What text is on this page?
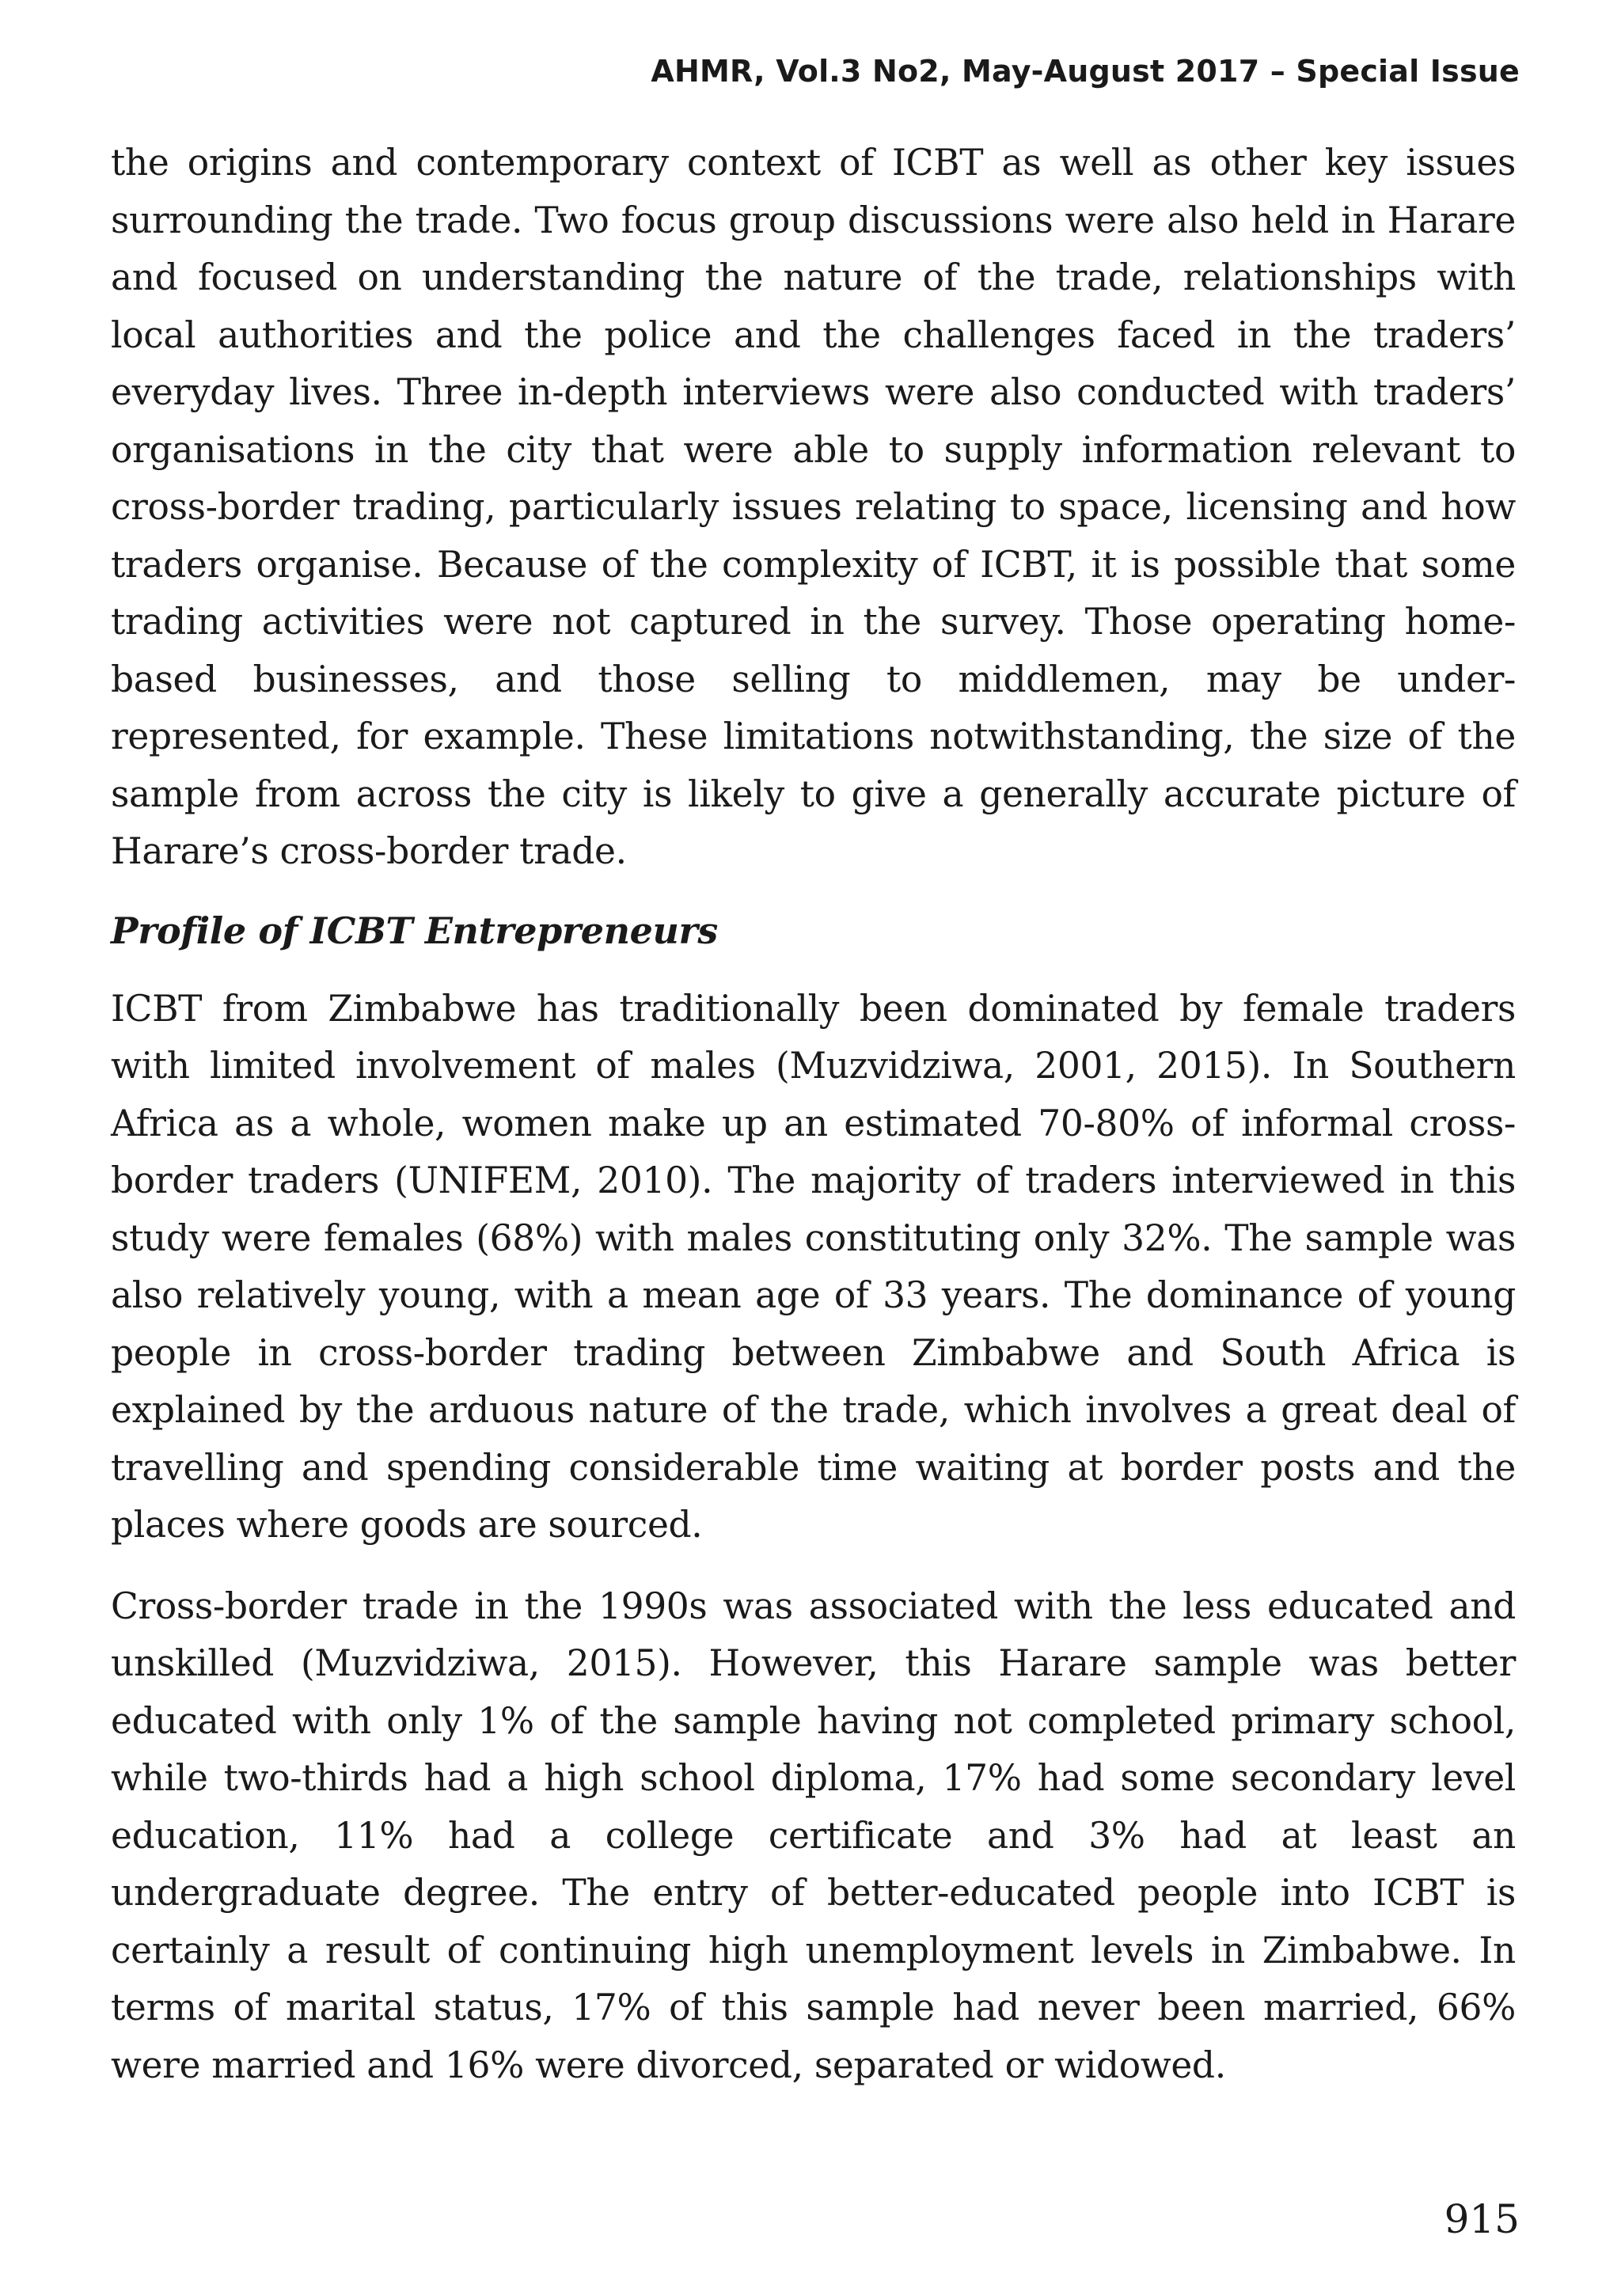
AHMR, Vol.3 No2, May-August 2017 – Special Issue

the origins and contemporary context of ICBT as well as other key issues surrounding the trade. Two focus group discussions were also held in Harare and focused on understanding the nature of the trade, relationships with local authorities and the police and the challenges faced in the traders’ everyday lives. Three in-depth interviews were also conducted with traders’ organisations in the city that were able to supply information relevant to cross-border trading, particularly issues relating to space, licensing and how traders organise. Because of the complexity of ICBT, it is possible that some trading activities were not captured in the survey. Those operating home-based businesses, and those selling to middlemen, may be under-represented, for example. These limitations notwithstanding, the size of the sample from across the city is likely to give a generally accurate picture of Harare’s cross-border trade.

Profile of ICBT Entrepreneurs

ICBT from Zimbabwe has traditionally been dominated by female traders with limited involvement of males (Muzvidziwa, 2001, 2015). In Southern Africa as a whole, women make up an estimated 70-80% of informal cross-border traders (UNIFEM, 2010). The majority of traders interviewed in this study were females (68%) with males constituting only 32%. The sample was also relatively young, with a mean age of 33 years. The dominance of young people in cross-border trading between Zimbabwe and South Africa is explained by the arduous nature of the trade, which involves a great deal of travelling and spending considerable time waiting at border posts and the places where goods are sourced.

Cross-border trade in the 1990s was associated with the less educated and unskilled (Muzvidziwa, 2015). However, this Harare sample was better educated with only 1% of the sample having not completed primary school, while two-thirds had a high school diploma, 17% had some secondary level education, 11% had a college certificate and 3% had at least an undergraduate degree. The entry of better-educated people into ICBT is certainly a result of continuing high unemployment levels in Zimbabwe. In terms of marital status, 17% of this sample had never been married, 66% were married and 16% were divorced, separated or widowed.

915
